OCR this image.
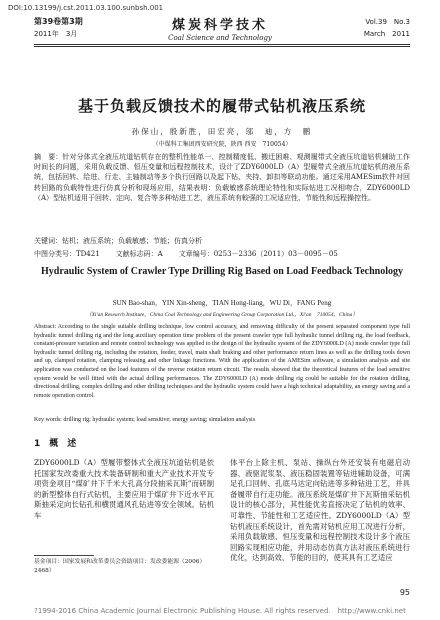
DOI:10.13199/j.cst.2011.03.100.sunbsh.001
第39卷第3期
2011年　3月
煤炭科学技术
Coal Science and Technology
Vol.39　No.3
March　2011
基于负载反馈技术的履带式钻机液压系统
孙保山，殷新胜，田宏亮，邬　迪，方　鹏
（中煤科工集团西安研究院，陕西 西安　710054）
摘　要：针对分体式全液压坑道钻机存在的整机性能单一、控制精度低、搬迁困难、观测履带式全液压坑道钻机辅助工作时间长的问题，采用负载反馈、恒压变量和远程控制技术，设计了ZDY6000LD（A）型履带式全液压坑道钻机的液压系统，包括回转、给进、行走、主轴制动等多个执行回路以及起下钻、夹持、卸扣等联动功能。通过采用AMESim软件对回转回路的负载特性进行仿真分析和现场应用，结果表明：负载敏感系统理论特性和实际钻进工况相吻合，ZDY6000LD（A）型钻机适用于回转、定向、复合等多种钻进工艺，液压系统有較强的工况适应性、节能性和远程操控性。
关键词：钻机；液压系统；负载敏感；节能；仿真分析
中图分类号：TD421 文献标志码：A 文章编号：0253－2336（2011）03－0095－05
Hydraulic System of Crawler Type Drilling Rig Based on Load Feedback Technology
SUN Bao-shan，YIN Xin-sheng，TIAN Hong-liang，WU Di，FANG Peng
（Xi'an Research Institute，China Coal Technology and Engineering Group Corporation Ltd.，Xi'an　710054，China）
Abstract: According to the single suitable drilling technique, low control accuracy, and removing difficulty of the present separated component type full hydraulic tunnel drilling rig and the long auxiliary operation time problem of the present crawler type full hydraulic tunnel drilling rig, the load feedback, constant-pressure variation and remote control technology was applied to the design of the hydraulic system of the ZDY6000LD (A) mode crawler type full hydraulic tunnel drilling rig, including the rotation, feeder, travel, main shaft braking and other performance return lines as well as the drilling tools down and up, clamped rotation, clamping releasing and other linkage functions. With the application of the AMESim software, a simulation analysis and site application was conducted on the load features of the reverse rotation return circuit. The results showed that the theoretical features of the load sensitive system would be well fitted with the actual drilling performances. The ZDY6000LD (A) mode drilling rig could be suitable for the rotation drilling, directional drilling, complex drilling and other drilling techniques and the hydraulic system could have a high technical adaptability, an energy saving and a remote operation control.
Key words: drilling rig; hydraulic system; load sensitive; energy saving; simulation analysis
1　概　述
ZDY6000LD（A）型履带整体式全液压坑道钻机是依托国家发改委重大技术装备研制和重大产业技术开发专项资金项目“煤矿井下千米大孔高分段抽采瓦斯”而研制的新型整体自行式钻机，主要应用于煤矿井下近水平瓦斯抽采定向长钻孔和横贯通风孔钻进等安全领域。钻机车
体平台上除主机、泵站、操纵台外还安装有电磁启动器、液驱泥浆泵、液压稳固装置等钻进辅助设备，可满足孔口回转、孔底马达定向钻进等多种钻进工艺，并具备履带自行走功能。液压系统是煤矿井下瓦斯抽采钻机设计的核心部分，其性能优劣直接决定了钻机的效率、可靠性、节能性和工艺适应性。ZDY6000LD（A）型钻机液压系统设计，首先需对钻机应用工况进行分析，采用负载敏感、恒压变量和远程控制技术设计多个液压回路实现相应功能，并用动态仿真方法对液压系统进行优化，达到高效、节能的目的，使其具有工艺适应
基金项目：国家发展和改革委员会资助项目：发改委能源（2006）2468）
95
?1994-2016 China Academic Journal Electronic Publishing House. All rights reserved.　http://www.cnki.net
